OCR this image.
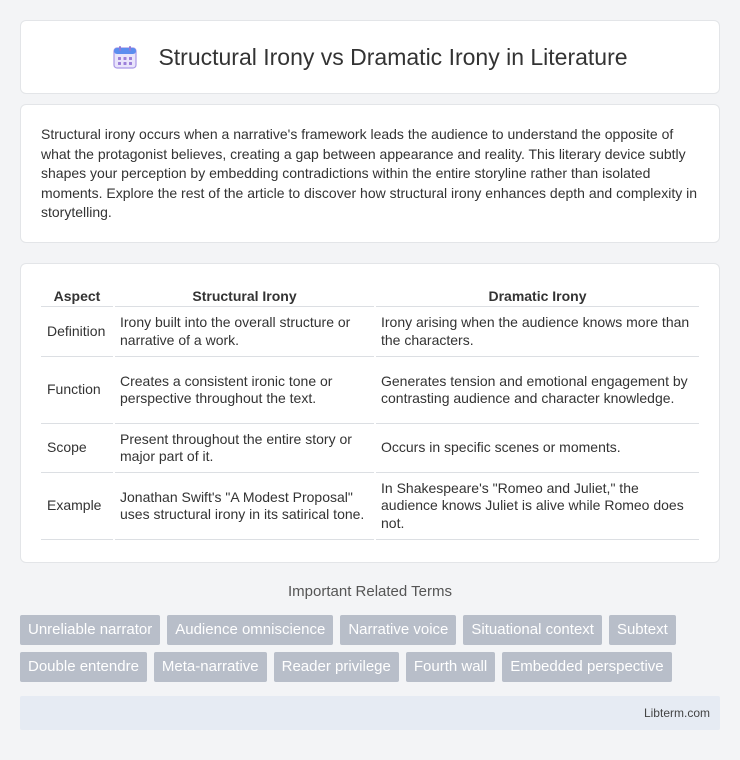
Structural Irony vs Dramatic Irony in Literature

Structural irony occurs when a narrative's framework leads the audience to understand the opposite of what the protagonist believes, creating a gap between appearance and reality. This literary device subtly shapes your perception by embedding contradictions within the entire storyline rather than isolated moments. Explore the rest of the article to discover how structural irony enhances depth and complexity in storytelling.

Aspect	Structural Irony	Dramatic Irony
Definition	Irony built into the overall structure or narrative of a work.	Irony arising when the audience knows more than the characters.
Function	Creates a consistent ironic tone or perspective throughout the text.	Generates tension and emotional engagement by contrasting audience and character knowledge.
Scope	Present throughout the entire story or major part of it.	Occurs in specific scenes or moments.
Example	Jonathan Swift's "A Modest Proposal" uses structural irony in its satirical tone.	In Shakespeare's "Romeo and Juliet," the audience knows Juliet is alive while Romeo does not.
Important Related Terms
Unreliable narrator	Audience omniscience	Narrative voice	Situational context	Subtext
Double entendre	Meta-narrative	Reader privilege	Fourth wall	Embedded perspective
Libterm.com
